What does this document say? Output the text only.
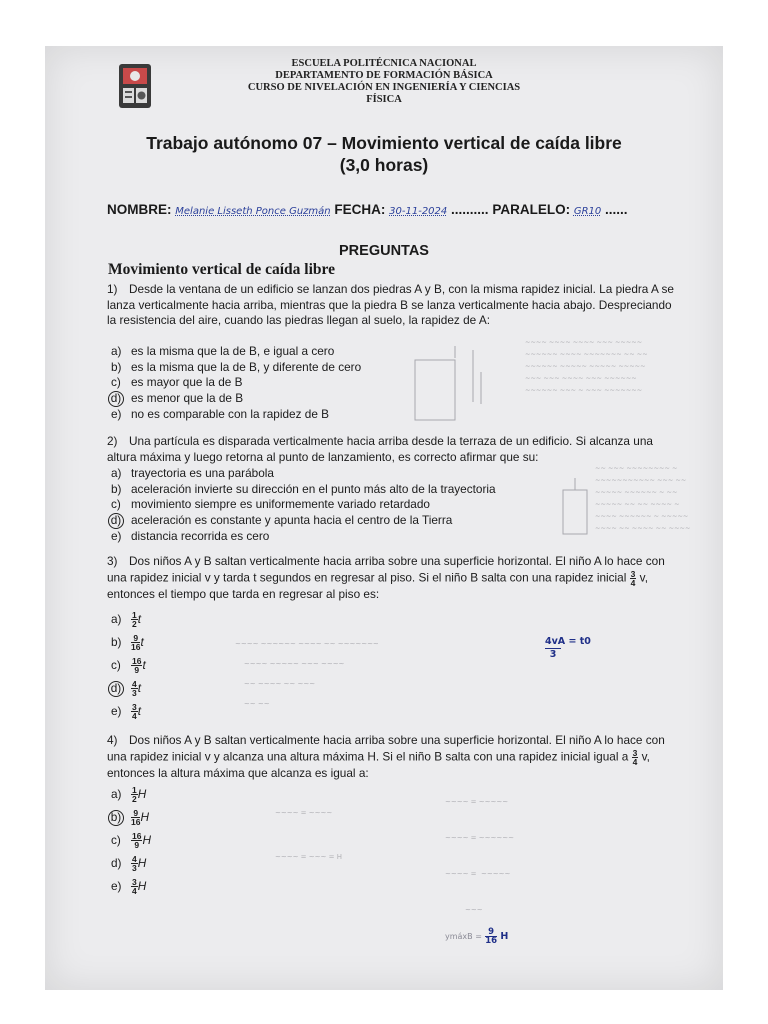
ESCUELA POLITÉCNICA NACIONAL
DEPARTAMENTO DE FORMACIÓN BÁSICA
CURSO DE NIVELACIÓN EN INGENIERÍA Y CIENCIAS
FÍSICA
Trabajo autónomo 07 – Movimiento vertical de caída libre
(3,0 horas)
NOMBRE: Melanie Lisseth Ponce Guzmán FECHA: 30-11-2024 .......... PARALELO: GR10 ......
PREGUNTAS
Movimiento vertical de caída libre
1) Desde la ventana de un edificio se lanzan dos piedras A y B, con la misma rapidez inicial. La piedra A se lanza verticalmente hacia arriba, mientras que la piedra B se lanza verticalmente hacia abajo. Despreciando la resistencia del aire, cuando las piedras llegan al suelo, la rapidez de A:
a) es la misma que la de B, e igual a cero
b) es la misma que la de B, y diferente de cero
c) es mayor que la de B
d) es menor que la de B
e) no es comparable con la rapidez de B
~~~~ ~~~~ ~~~~ ~~~ ~~~~~
~~~~~~ ~~~~ ~~~~~~~ ~~ ~~
~~~~~~ ~~~~~ ~~~~~ ~~~~~
~~~ ~~~ ~~~~ ~~~ ~~~~~~
~~~~~~ ~~~ ~ ~~~ ~~~~~~~
2) Una partícula es disparada verticalmente hacia arriba desde la terraza de un edificio. Si alcanza una altura máxima y luego retorna al punto de lanzamiento, es correcto afirmar que su:
a) trayectoria es una parábola
b) aceleración invierte su dirección en el punto más alto de la trayectoria
c) movimiento siempre es uniformemente variado retardado
d) aceleración es constante y apunta hacia el centro de la Tierra
e) distancia recorrida es cero
~~ ~~~ ~~~~~~~~ ~
~~~~~~~~~~~ ~~~ ~~
~~~~~ ~~~~~~ ~ ~~
~~~~~ ~~ ~~ ~~~~ ~
~~~~ ~~~~~~ ~ ~~~~~
~~~~ ~~ ~~~~ ~~ ~~~~
3) Dos niños A y B saltan verticalmente hacia arriba sobre una superficie horizontal. El niño A lo hace con una rapidez inicial v y tarda t segundos en regresar al piso. Si el niño B salta con una rapidez inicial $\frac{3}{4} v$, entonces el tiempo que tarda en regresar al piso es:
$a) \frac{1}{2}$ t
$b) \frac{9}{16}$ t
$c) \frac{16}{9}$ t
$d) \frac{4}{3}$ t
$e) \frac{3}{4}$ t
~~~~ ~~~~~~ ~~~~ ~~ ~~~~~~~
~~~~ ~~~~~ ~~~ ~~~~
~~ ~~~~ ~~ ~~~
~~ ~~
4vA = t0
3
4) Dos niños A y B saltan verticalmente hacia arriba sobre una superficie horizontal. El niño A lo hace con una rapidez inicial v y alcanza una altura máxima H. Si el niño B salta con una rapidez inicial igual a $\frac{3}{4} v$, entonces la altura máxima que alcanza es igual a:
$a) \frac{1}{2}$ H
$b) \frac{9}{16}$ H
$c) \frac{16}{9}$ H
$d) \frac{4}{3}$ H
$e) \frac{3}{4}$ H
~~~~ = ~~~~
~~~~ = ~~~ = H
~~~~ = ~~~~~
~~~~ = ~~~~~~
~~~~ =  ~~~~~
~~~
ymáxB = $\frac{9}{16}$ H
